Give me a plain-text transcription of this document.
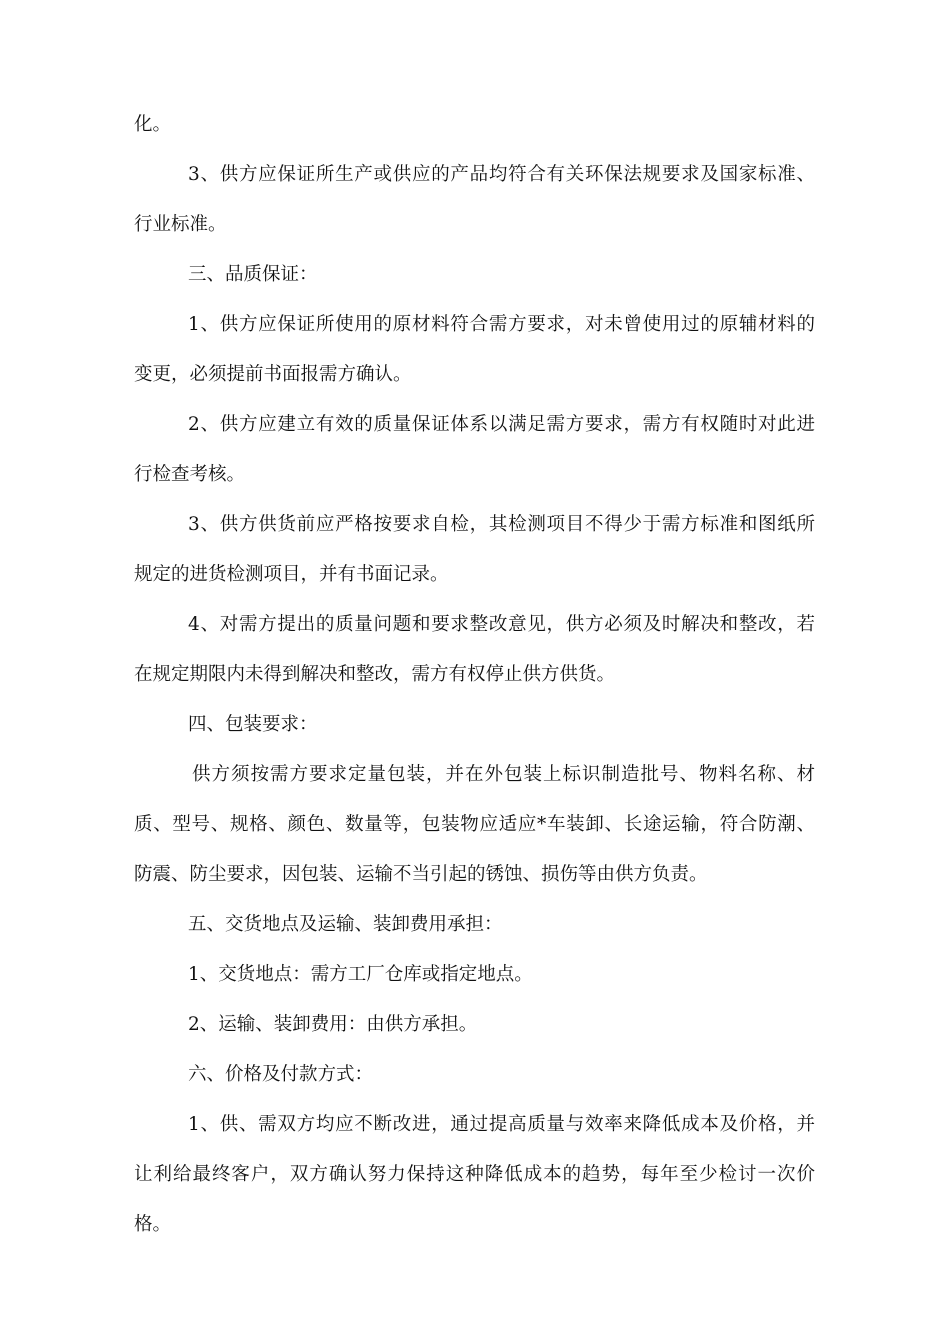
化。
3、供方应保证所生产或供应的产品均符合有关环保法规要求及国家标准、
行业标准。
三、品质保证：
1、供方应保证所使用的原材料符合需方要求，对未曾使用过的原辅材料的
变更，必须提前书面报需方确认。
2、供方应建立有效的质量保证体系以满足需方要求，需方有权随时对此进
行检查考核。
3、供方供货前应严格按要求自检，其检测项目不得少于需方标准和图纸所
规定的进货检测项目，并有书面记录。
4、对需方提出的质量问题和要求整改意见，供方必须及时解决和整改，若
在规定期限内未得到解决和整改，需方有权停止供方供货。
四、包装要求：
供方须按需方要求定量包装，并在外包装上标识制造批号、物料名称、材
质、型号、规格、颜色、数量等，包装物应适应*车装卸、长途运输，符合防潮、
防震、防尘要求，因包装、运输不当引起的锈蚀、损伤等由供方负责。
五、交货地点及运输、装卸费用承担：
1、交货地点：需方工厂仓库或指定地点。
2、运输、装卸费用：由供方承担。
六、价格及付款方式：
1、供、需双方均应不断改进，通过提高质量与效率来降低成本及价格，并
让利给最终客户，双方确认努力保持这种降低成本的趋势，每年至少检讨一次价
格。
